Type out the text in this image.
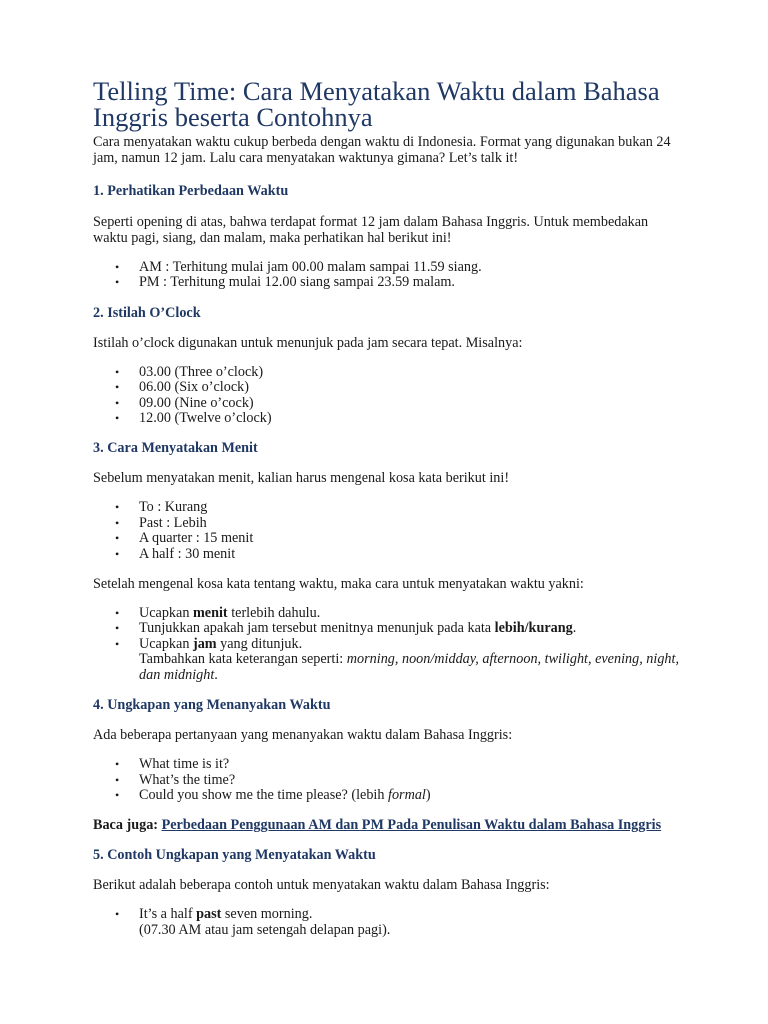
Telling Time: Cara Menyatakan Waktu dalam Bahasa Inggris beserta Contohnya

Cara menyatakan waktu cukup berbeda dengan waktu di Indonesia. Format yang digunakan bukan 24 jam, namun 12 jam. Lalu cara menyatakan waktunya gimana? Let’s talk it!

1. Perhatikan Perbedaan Waktu

Seperti opening di atas, bahwa terdapat format 12 jam dalam Bahasa Inggris. Untuk membedakan waktu pagi, siang, dan malam, maka perhatikan hal berikut ini!

• AM : Terhitung mulai jam 00.00 malam sampai 11.59 siang.
• PM : Terhitung mulai 12.00 siang sampai 23.59 malam.
2. Istilah O’Clock

Istilah o’clock digunakan untuk menunjuk pada jam secara tepat. Misalnya:

• 03.00 (Three o’clock)
• 06.00 (Six o’clock)
• 09.00 (Nine o’cock)
• 12.00 (Twelve o’clock)
3. Cara Menyatakan Menit

Sebelum menyatakan menit, kalian harus mengenal kosa kata berikut ini!

• To : Kurang
• Past : Lebih
• A quarter : 15 menit
• A half : 30 menit

Setelah mengenal kosa kata tentang waktu, maka cara untuk menyatakan waktu yakni:

• Ucapkan menit terlebih dahulu.
• Tunjukkan apakah jam tersebut menitnya menunjuk pada kata lebih/kurang.
• Ucapkan jam yang ditunjuk.
Tambahkan kata keterangan seperti: morning, noon/midday, afternoon, twilight, evening, night, dan midnight.
4. Ungkapan yang Menanyakan Waktu

Ada beberapa pertanyaan yang menanyakan waktu dalam Bahasa Inggris:

• What time is it?
• What’s the time?
• Could you show me the time please? (lebih formal)

Baca juga: Perbedaan Penggunaan AM dan PM Pada Penulisan Waktu dalam Bahasa Inggris

5. Contoh Ungkapan yang Menyatakan Waktu

Berikut adalah beberapa contoh untuk menyatakan waktu dalam Bahasa Inggris:

• It’s a half past seven morning.
(07.30 AM atau jam setengah delapan pagi).
